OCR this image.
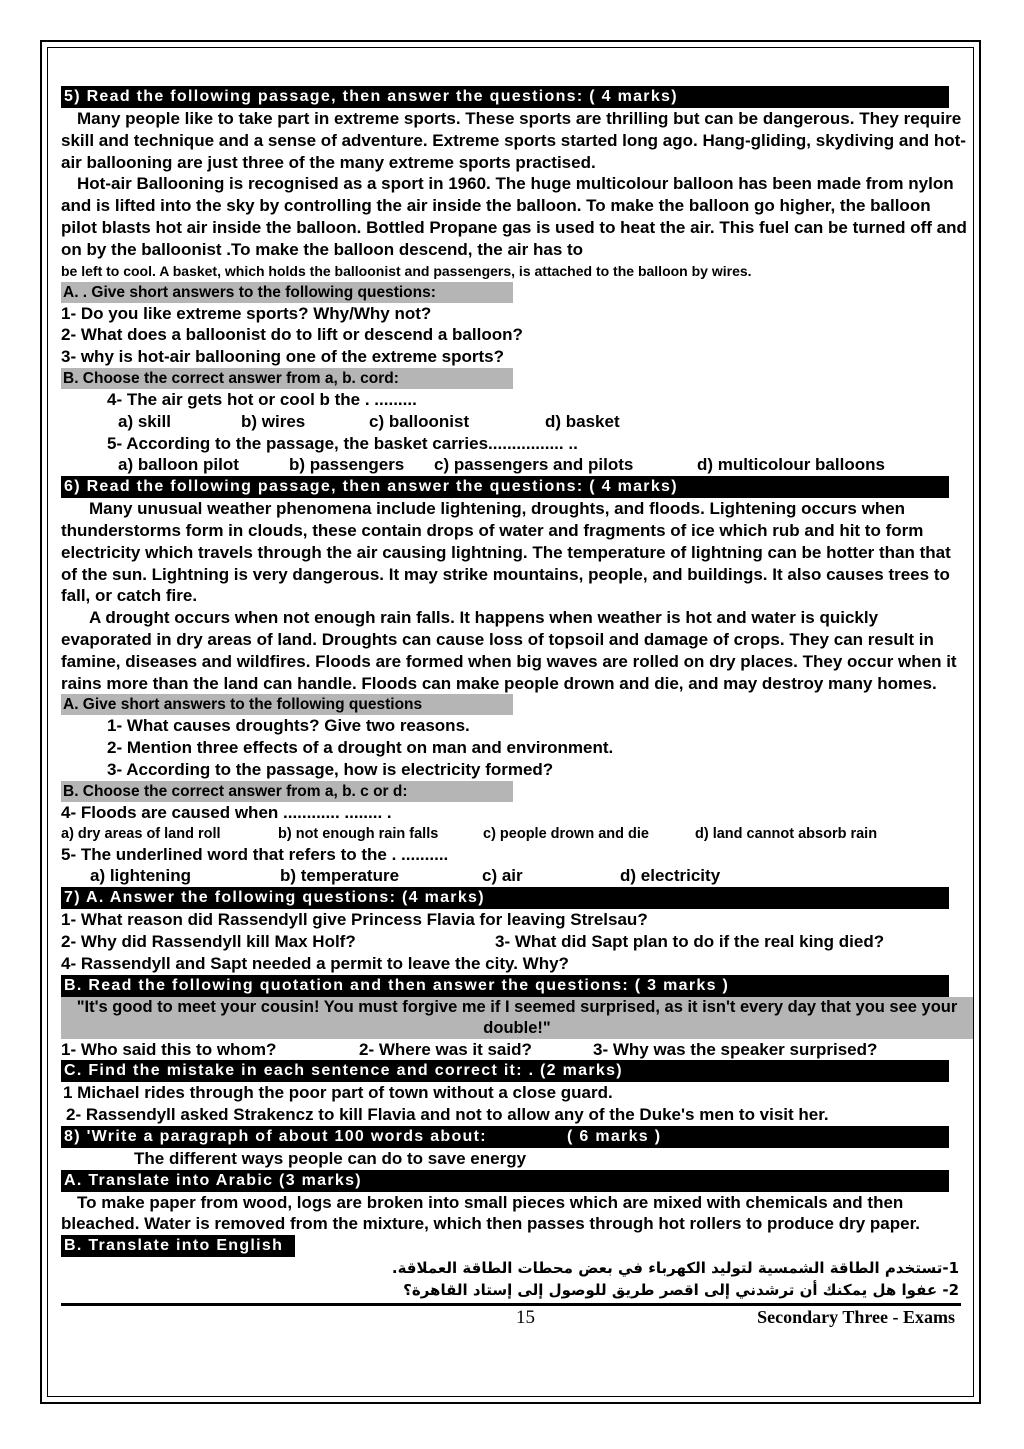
5) Read the following passage, then answer the questions: ( 4 marks)

Many people like to take part in extreme sports. These sports are thrilling but can be dangerous. They require skill and technique and a sense of adventure. Extreme sports started long ago. Hang-gliding, skydiving and hot-air ballooning are just three of the many extreme sports practised.

Hot-air Ballooning is recognised as a sport in 1960. The huge multicolour balloon has been made from nylon and is lifted into the sky by controlling the air inside the balloon. To make the balloon go higher, the balloon pilot blasts hot air inside the balloon. Bottled Propane gas is used to heat the air. This fuel can be turned off and on by the balloonist .To make the balloon descend, the air has to

be left to cool. A basket, which holds the balloonist and passengers, is attached to the balloon by wires.

A. . Give short answers to the following questions:
1- Do you like extreme sports? Why/Why not?
2- What does a balloonist do to lift or descend a balloon?
3- why is hot-air ballooning one of the extreme sports?
B. Choose the correct answer from a, b. cord:
4- The air gets hot or cool b the . .........
a) skill	b) wires	c) balloonist	d) basket
5- According to the passage, the basket carries................ ..
a) balloon pilot	b) passengers	c) passengers and pilots	d) multicolour balloons
6) Read the following passage, then answer the questions: ( 4 marks)

Many unusual weather phenomena include lightening, droughts, and floods. Lightening occurs when thunderstorms form in clouds, these contain drops of water and fragments of ice which rub and hit to form electricity which travels through the air causing lightning. The temperature of lightning can be hotter than that of the sun. Lightning is very dangerous. It may strike mountains, people, and buildings. It also causes trees to fall, or catch fire.

A drought occurs when not enough rain falls. It happens when weather is hot and water is quickly evaporated in dry areas of land. Droughts can cause loss of topsoil and damage of crops. They can result in famine, diseases and wildfires. Floods are formed when big waves are rolled on dry places. They occur when it rains more than the land can handle. Floods can make people drown and die, and may destroy many homes.

A. Give short answers to the following questions
1- What causes droughts? Give two reasons.
2- Mention three effects of a drought on man and environment.
3- According to the passage, how is electricity formed?
B. Choose the correct answer from a, b. c or d:
4- Floods are caused when ............ ........ .
a) dry areas of land roll	b) not enough rain falls	c) people drown and die	d) land cannot absorb rain
5- The underlined word that refers to the . ..........
a) lightening	b) temperature	c) air	d) electricity
7) A. Answer the following questions: (4 marks)
1- What reason did Rassendyll give Princess Flavia for leaving Strelsau?
2- Why did Rassendyll kill Max Holf?	3- What did Sapt plan to do if the real king died?
4- Rassendyll and Sapt needed a permit to leave the city. Why?
B. Read the following quotation and then answer the questions: ( 3 marks )
"It's good to meet your cousin! You must forgive me if I seemed surprised, as it isn't every day that you see your double!"
1- Who said this to whom?	2- Where was it said?	3- Why was the speaker surprised?
C. Find the mistake in each sentence and correct it: . (2 marks)
1 Michael rides through the poor part of town without a close guard.
2- Rassendyll asked Strakencz to kill Flavia and not to allow any of the Duke's men to visit her.
8) 'Write a paragraph of about 100 words about:	( 6 marks )
The different ways people can do to save energy
A. Translate into Arabic (3 marks)

To make paper from wood, logs are broken into small pieces which are mixed with chemicals and then bleached. Water is removed from the mixture, which then passes through hot rollers to produce dry paper.

B. Translate into English
1-تستخدم الطاقة الشمسية لتوليد الكهرباء في بعض محطات الطاقة العملاقة.
2- عفوا هل يمكنك أن ترشدني إلى اقصر طريق للوصول إلى إستاد القاهرة؟
15	Secondary Three - Exams
